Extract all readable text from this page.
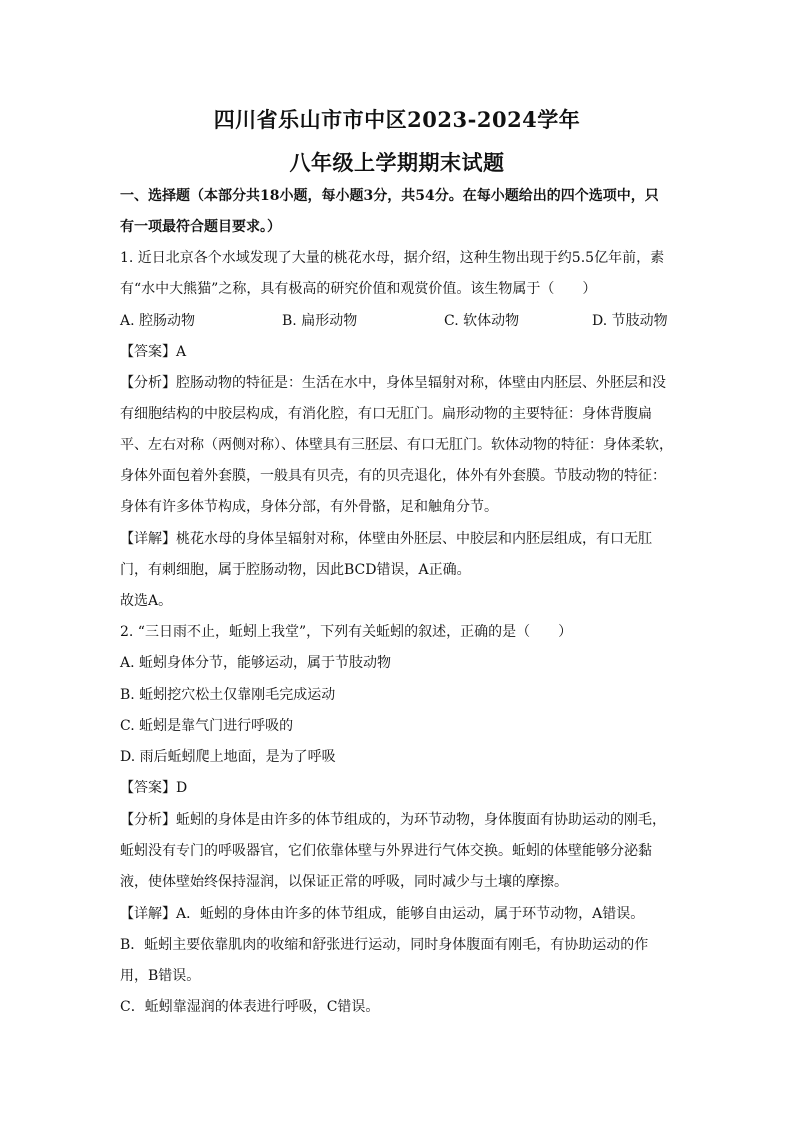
四川省乐山市市中区2023-2024学年
八年级上学期期末试题
一、选择题（本部分共18小题，每小题3分，共54分。在每小题给出的四个选项中，只
有一项最符合题目要求。）
1. 近日北京各个水域发现了大量的桃花水母，据介绍，这种生物出现于约5.5亿年前，素
有“水中大熊猫”之称，具有极高的研究价值和观赏价值。该生物属于（　　）
A. 腔肠动物	B. 扁形动物	C. 软体动物	D. 节肢动物
【答案】A
【分析】腔肠动物的特征是：生活在水中，身体呈辐射对称，体壁由内胚层、外胚层和没
有细胞结构的中胶层构成，有消化腔，有口无肛门。扁形动物的主要特征：身体背腹扁
平、左右对称（两侧对称）、体壁具有三胚层、有口无肛门。软体动物的特征：身体柔软，
身体外面包着外套膜，一般具有贝壳，有的贝壳退化，体外有外套膜。节肢动物的特征：
身体有许多体节构成，身体分部，有外骨骼，足和触角分节。
【详解】桃花水母的身体呈辐射对称，体壁由外胚层、中胶层和内胚层组成，有口无肛
门，有刺细胞，属于腔肠动物，因此BCD错误，A正确。
故选A。
2. “三日雨不止，蚯蚓上我堂”，下列有关蚯蚓的叙述，正确的是（　　）
A. 蚯蚓身体分节，能够运动，属于节肢动物
B. 蚯蚓挖穴松土仅靠刚毛完成运动
C. 蚯蚓是靠气门进行呼吸的
D. 雨后蚯蚓爬上地面，是为了呼吸
【答案】D
【分析】蚯蚓的身体是由许多的体节组成的，为环节动物，身体腹面有协助运动的刚毛，
蚯蚓没有专门的呼吸器官，它们依靠体壁与外界进行气体交换。蚯蚓的体壁能够分泌黏
液，使体壁始终保持湿润，以保证正常的呼吸，同时减少与土壤的摩擦。
【详解】A．蚯蚓的身体由许多的体节组成，能够自由运动，属于环节动物，A错误。
B．蚯蚓主要依靠肌肉的收缩和舒张进行运动，同时身体腹面有刚毛，有协助运动的作
用，B错误。
C．蚯蚓靠湿润的体表进行呼吸，C错误。
